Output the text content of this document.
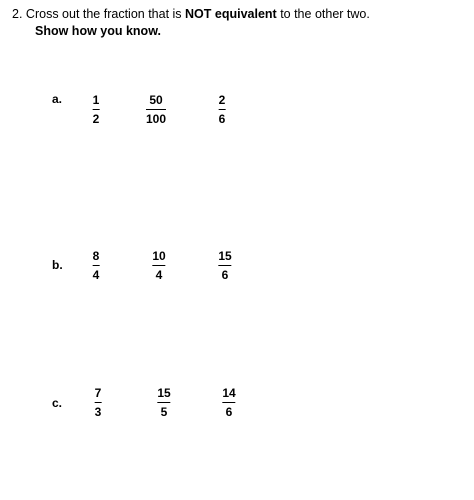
2. Cross out the fraction that is NOT equivalent to the other two.
Show how you know.
a.	1
2
50
100
2
6
b.
8
4
10
4
15
6
c.
7
3
15
5
14
6
